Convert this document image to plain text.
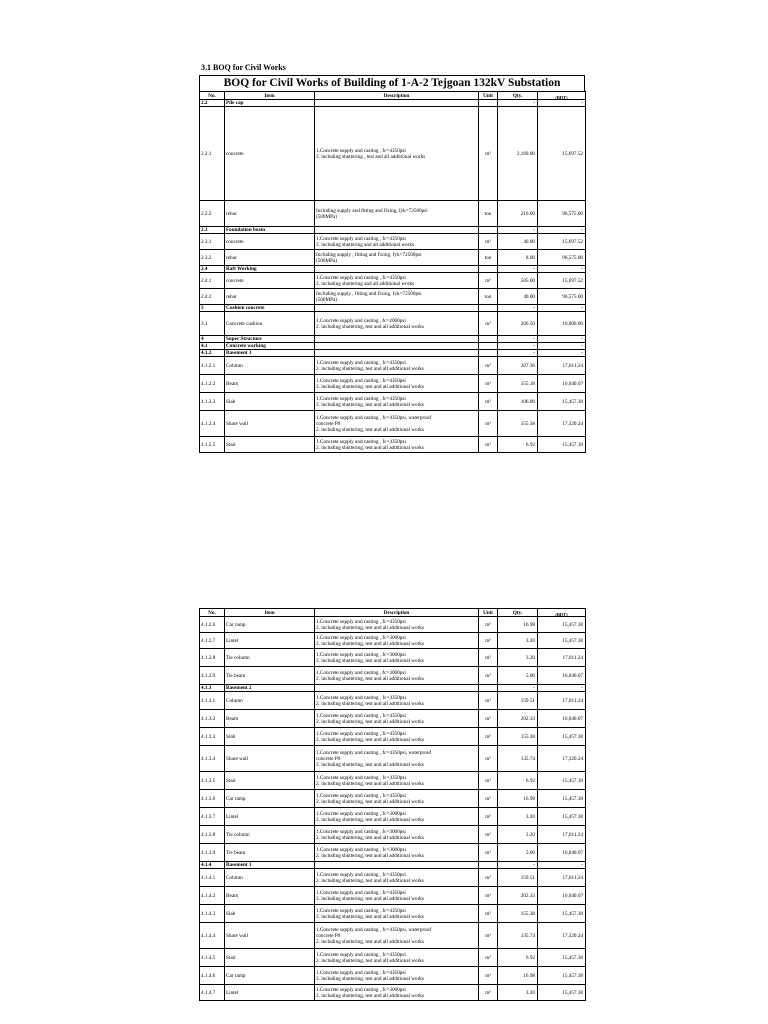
3.1 BOQ for Civil Works
BOQ for Civil Works of Building of 1-A-2 Tejgoan 132kV Substation
No.	Item	Description	Unit	Qty.	(BDT)
2.2	Pile cap			-	-
2.2.1	concrete	1.Concrete supply and casting , fc=4350psi
2. including shuttering , test and all additional works	m³	2,160.00	15,697.52
2.2.2	rebar	Including supply and fitting and fixing, fyk=72500psi
(500MPa)	ton	216.00	96,575.00
2.3	Foundation beam			-	-
2.3.1	concrete	1.Concrete supply and casting , fc=4350psi
2. including shuttering and all additional works	m³	40.00	15,697.52
2.3.2	rebar	Including supply , fitting and fixing, fyk=72500psi
(500MPa)	ton	8.00	96,575.00
2.4	Raft Working			-	-
2.4.1	concrete	1.Concrete supply and casting , fc=4350psi
2. including shuttering and all additional works	m³	505.00	15,697.52
2.4.2	rebar	Including supply , fitting and fixing, fyk=72500psi
(500MPa)	ton	40.00	96,575.00
3	Cushion concrete			-	-
3.1	Concrete cushion	1.Concrete supply and casting , fc=2000psi
2. including shuttering, test and all additional works	m³	266.50	10,000.00
4	Super Structure			-	-
4.1	Concrete working			-	-
4.1.2	Basement 3			-	-
4.1.2.1	Column	1.Concrete supply and casting , fc=4350psi
2. including shuttering, test and all additional works	m³	207.36	17,011.24
4.1.2.2	Beam	1.Concrete supply and casting , fc=4350psi
2. including shuttering, test and all additional works	m³	155.18	16,040.07
4.1.2.3	Slab	1.Concrete supply and casting , fc=4350psi
2. including shuttering, test and all additional works	m³	106.00	15,457.38
4.1.2.4	Share wall	1.Concrete supply and casting , fc=4350psi, waterproof
concrete P6
2. including shuttering, test and all additional works	m³	155.38	17,320.24
4.1.2.5	Stair	1.Concrete supply and casting , fc=4350psi
2. including shuttering, test and all additional works	m³	6.92	15,457.38
No.	Item	Description	Unit	Qty.	(BDT)
4.1.2.6	Car ramp	1.Concrete supply and casting , fc=4350psi
2. including shuttering, test and all additional works	m³	16.98	15,457.38
4.1.2.7	Lintel	1.Concrete supply and casting , fc=3000psi
2. including shuttering, test and all additional works	m³	3.20	15,457.38
4.1.2.8	Tie column	1.Concrete supply and casting , fc=3000psi
2. including shuttering, test and all additional works	m³	3.20	17,011.24
4.1.2.9	Tie beam	1.Concrete supply and casting , fc=3000psi
2. including shuttering, test and all additional works	m³	5.00	16,040.07
4.1.3	Basement 2			-	-
4.1.3.1	Column	1.Concrete supply and casting , fc=4350psi
2. including shuttering, test and all additional works	m³	159.51	17,011.24
4.1.3.2	Beam	1.Concrete supply and casting , fc=4350psi
2. including shuttering, test and all additional works	m³	202.33	16,040.07
4.1.3.3	Slab	1.Concrete supply and casting , fc=4350psi
2. including shuttering, test and all additional works	m³	155.38	15,457.38
4.1.3.4	Share wall	1.Concrete supply and casting , fc=4350psi, waterproof
concrete P6
2. including shuttering, test and all additional works	m³	135.74	17,320.24
4.1.3.5	Stair	1.Concrete supply and casting , fc=4350psi
2. including shuttering, test and all additional works	m³	6.92	15,457.38
4.1.3.6	Car ramp	1.Concrete supply and casting , fc=4350psi
2. including shuttering, test and all additional works	m³	16.98	15,457.38
4.1.3.7	Lintel	1.Concrete supply and casting , fc=3000psi
2. including shuttering, test and all additional works	m³	3.20	15,457.38
4.1.3.8	Tie column	1.Concrete supply and casting , fc=3000psi
2. including shuttering, test and all additional works	m³	3.20	17,011.24
4.1.3.9	Tie beam	1.Concrete supply and casting , fc=3000psi
2. including shuttering, test and all additional works	m³	5.00	16,040.07
4.1.4	Basement 1			-	-
4.1.4.1	Column	1.Concrete supply and casting , fc=4350psi
2. including shuttering, test and all additional works	m³	159.51	17,011.24
4.1.4.2	Beam	1.Concrete supply and casting , fc=4350psi
2. including shuttering, test and all additional works	m³	202.33	16,040.07
4.1.4.3	Slab	1.Concrete supply and casting , fc=4350psi
2. including shuttering, test and all additional works	m³	155.38	15,457.38
4.1.4.4	Share wall	1.Concrete supply and casting , fc=4350psi, waterproof
concrete P6
2. including shuttering, test and all additional works	m³	135.74	17,320.24
4.1.4.5	Stair	1.Concrete supply and casting , fc=4350psi
2. including shuttering, test and all additional works	m³	6.92	15,457.38
4.1.4.6	Car ramp	1.Concrete supply and casting , fc=4350psi
2. including shuttering, test and all additional works	m³	16.98	15,457.38
4.1.4.7	Lintel	1.Concrete supply and casting , fc=3000psi
2. including shuttering, test and all additional works	m³	3.20	15,457.38
